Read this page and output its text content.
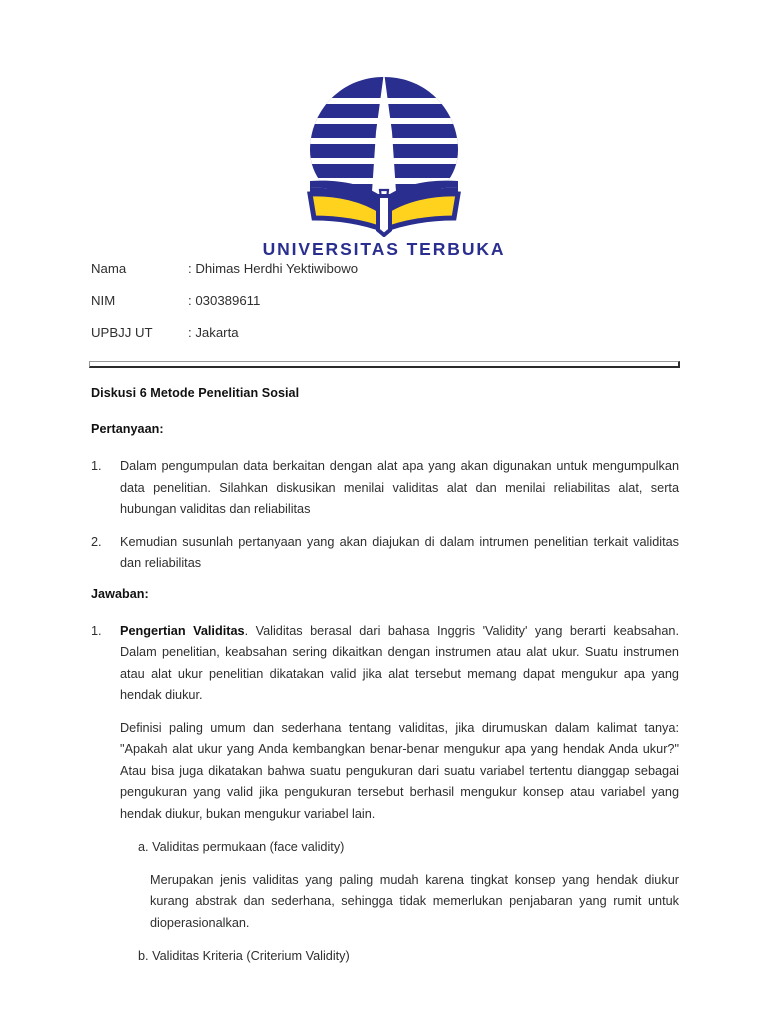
UNIVERSITAS TERBUKA
Nama	: Dhimas Herdhi Yektiwibowo
NIM	: 030389611
UPBJJ UT	: Jakarta
Diskusi 6 Metode Penelitian Sosial
Pertanyaan:
1.	Dalam pengumpulan data berkaitan dengan alat apa yang akan digunakan untuk mengumpulkan data penelitian. Silahkan diskusikan menilai validitas alat dan menilai reliabilitas alat, serta hubungan validitas dan reliabilitas
2.	Kemudian susunlah pertanyaan yang akan diajukan di dalam intrumen penelitian terkait validitas dan reliabilitas
Jawaban:
1.	Pengertian Validitas. Validitas berasal dari bahasa Inggris 'Validity' yang berarti keabsahan. Dalam penelitian, keabsahan sering dikaitkan dengan instrumen atau alat ukur. Suatu instrumen atau alat ukur penelitian dikatakan valid jika alat tersebut memang dapat mengukur apa yang hendak diukur.

Definisi paling umum dan sederhana tentang validitas, jika dirumuskan dalam kalimat tanya: "Apakah alat ukur yang Anda kembangkan benar-benar mengukur apa yang hendak Anda ukur?" Atau bisa juga dikatakan bahwa suatu pengukuran dari suatu variabel tertentu dianggap sebagai pengukuran yang valid jika pengukuran tersebut berhasil mengukur konsep atau variabel yang hendak diukur, bukan mengukur variabel lain.

a. Validitas permukaan (face validity)

Merupakan jenis validitas yang paling mudah karena tingkat konsep yang hendak diukur kurang abstrak dan sederhana, sehingga tidak memerlukan penjabaran yang rumit untuk dioperasionalkan.

b. Validitas Kriteria (Criterium Validity)
